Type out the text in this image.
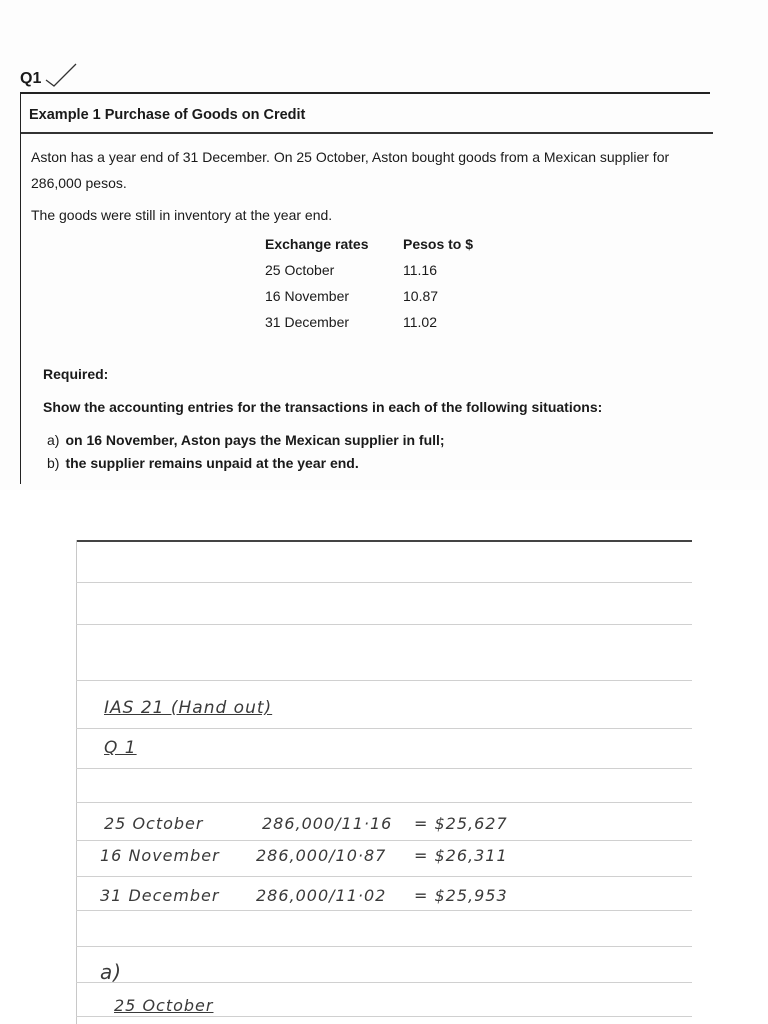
Q1
Example 1 Purchase of Goods on Credit
Aston has a year end of 31 December. On 25 October, Aston bought goods from a Mexican supplier for 286,000 pesos.
The goods were still in inventory at the year end.
Exchange rates Pesos to $
25 October	11.16
16 November	10.87
31 December	11.02
Required:
Show the accounting entries for the transactions in each of the following situations:
a) on 16 November, Aston pays the Mexican supplier in full;
b) the supplier remains unpaid at the year end.
IAS 21 (Hand out)
Q 1
25 October	286,000/11·16 = $25,627
16 November 286,000/10·87 = $26,311
31 December 286,000/11·02 = $25,953
a)
25 October
